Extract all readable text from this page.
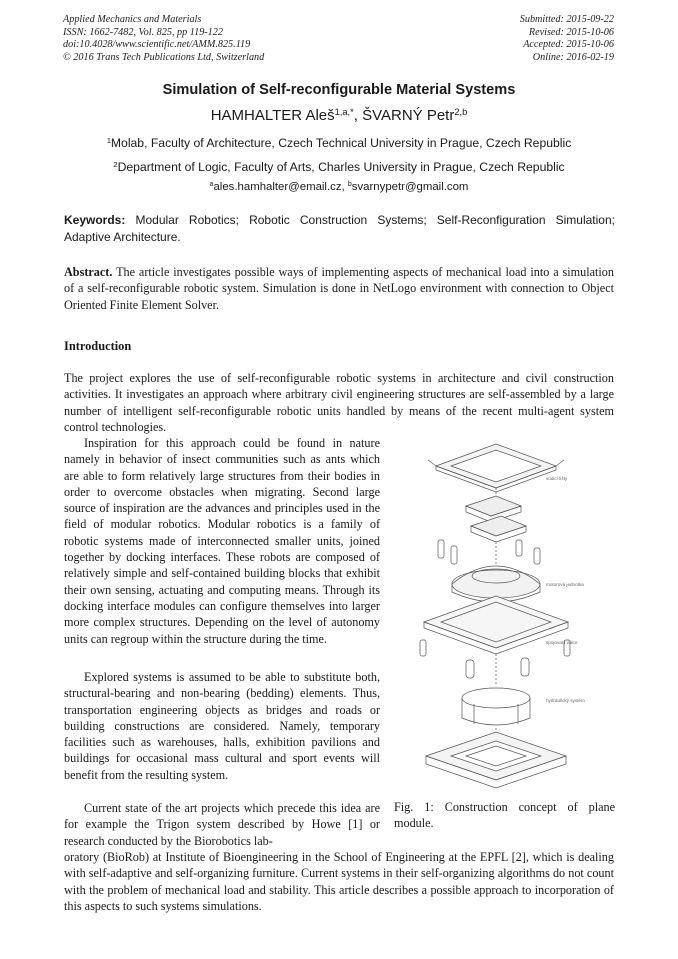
Applied Mechanics and Materials
ISSN: 1662-7482, Vol. 825, pp 119-122
doi:10.4028/www.scientific.net/AMM.825.119
© 2016 Trans Tech Publications Ltd, Switzerland
Submitted: 2015-09-22
Revised: 2015-10-06
Accepted: 2015-10-06
Online: 2016-02-19
Simulation of Self-reconfigurable Material Systems
HAMHALTER Aleš$^{1,a,*}$, ŠVARNÝ Petr$^{2,b}$
$^1$Molab, Faculty of Architecture, Czech Technical University in Prague, Czech Republic
$^2$Department of Logic, Faculty of Arts, Charles University in Prague, Czech Republic
$^a$ales.hamhalter@email.cz, $^b$svarnypetr@gmail.com
Keywords: Modular Robotics; Robotic Construction Systems; Self-Reconfiguration Simulation; Adaptive Architecture.
Abstract. The article investigates possible ways of implementing aspects of mechanical load into a simulation of a self-reconfigurable robotic system. Simulation is done in NetLogo environment with connection to Object Oriented Finite Element Solver.
Introduction
The project explores the use of self-reconfigurable robotic systems in architecture and civil construction activities. It investigates an approach where arbitrary civil engineering structures are self-assembled by a large number of intelligent self-reconfigurable robotic units handled by means of the recent multi-agent system control technologies.
Inspiration for this approach could be found in nature namely in behavior of insect communities such as ants which are able to form relatively large structures from their bodies in order to overcome obstacles when migrating. Second large source of inspiration are the advances and principles used in the field of modular robotics. Modular robotics is a family of robotic systems made of interconnected smaller units, joined together by docking interfaces. These robots are composed of relatively simple and self-contained building blocks that exhibit their own sensing, actuating and computing means. Through its docking interface modules can configure themselves into larger more complex structures. Depending on the level of autonomy units can regroup within the structure during the time.
Explored systems is assumed to be able to substitute both, structural-bearing and non-bearing (bedding) elements. Thus, transportation engineering objects as bridges and roads or building constructions are considered. Namely, temporary facilities such as warehouses, halls, exhibition pavilions and buildings for occasional mass cultural and sport events will benefit from the resulting system.
Current state of the art projects which precede this idea are for example the Trigon system described by Howe [1] or research conducted by the Biorobotics lab-
oratory (BioRob) at Institute of Bioengineering in the School of Engineering at the EPFL [2], which is dealing with self-adaptive and self-organizing furniture. Current systems in their self-organizing algorithms do not count with the problem of mechanical load and stability. This article describes a possible approach to incorporation of this aspects to such systems simulations.
vodicí lišty
motorová jednotka
spojovací válce
hydraulický systém
Fig. 1: Construction concept of plane module.
